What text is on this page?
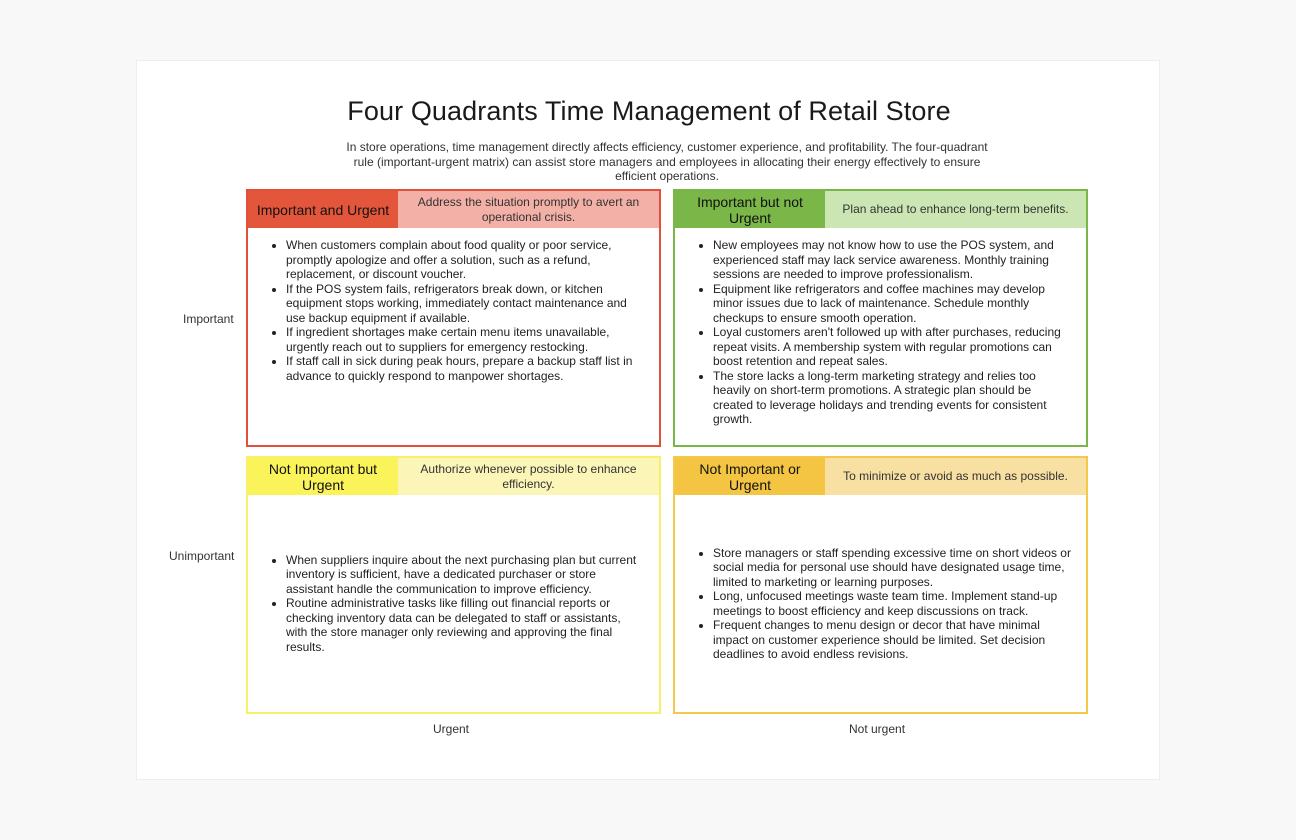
Four Quadrants Time Management of Retail Store

In store operations, time management directly affects efficiency, customer experience, and profitability. The four-quadrant rule (important-urgent matrix) can assist store managers and employees in allocating their energy effectively to ensure efficient operations.

Important and Urgent	Address the situation promptly to avert an operational crisis.
• When customers complain about food quality or poor service, promptly apologize and offer a solution, such as a refund, replacement, or discount voucher.
• If the POS system fails, refrigerators break down, or kitchen equipment stops working, immediately contact maintenance and use backup equipment if available.
• If ingredient shortages make certain menu items unavailable, urgently reach out to suppliers for emergency restocking.
• If staff call in sick during peak hours, prepare a backup staff list in advance to quickly respond to manpower shortages.
Important but not Urgent
Plan ahead to enhance long-term benefits.
• New employees may not know how to use the POS system, and experienced staff may lack service awareness. Monthly training sessions are needed to improve professionalism.
• Equipment like refrigerators and coffee machines may develop minor issues due to lack of maintenance. Schedule monthly checkups to ensure smooth operation.
• Loyal customers aren't followed up with after purchases, reducing repeat visits. A membership system with regular promotions can boost retention and repeat sales.
• The store lacks a long-term marketing strategy and relies too heavily on short-term promotions. A strategic plan should be created to leverage holidays and trending events for consistent growth.
Not Important but Urgent
Authorize whenever possible to enhance efficiency.
• When suppliers inquire about the next purchasing plan but current inventory is sufficient, have a dedicated purchaser or store assistant handle the communication to improve efficiency.
• Routine administrative tasks like filling out financial reports or checking inventory data can be delegated to staff or assistants, with the store manager only reviewing and approving the final results.
Not Important or Urgent
To minimize or avoid as much as possible.
• Store managers or staff spending excessive time on short videos or social media for personal use should have designated usage time, limited to marketing or learning purposes.
• Long, unfocused meetings waste team time. Implement stand-up meetings to boost efficiency and keep discussions on track.
• Frequent changes to menu design or decor that have minimal impact on customer experience should be limited. Set decision deadlines to avoid endless revisions.
Important
Unimportant
Urgent	Not urgent
